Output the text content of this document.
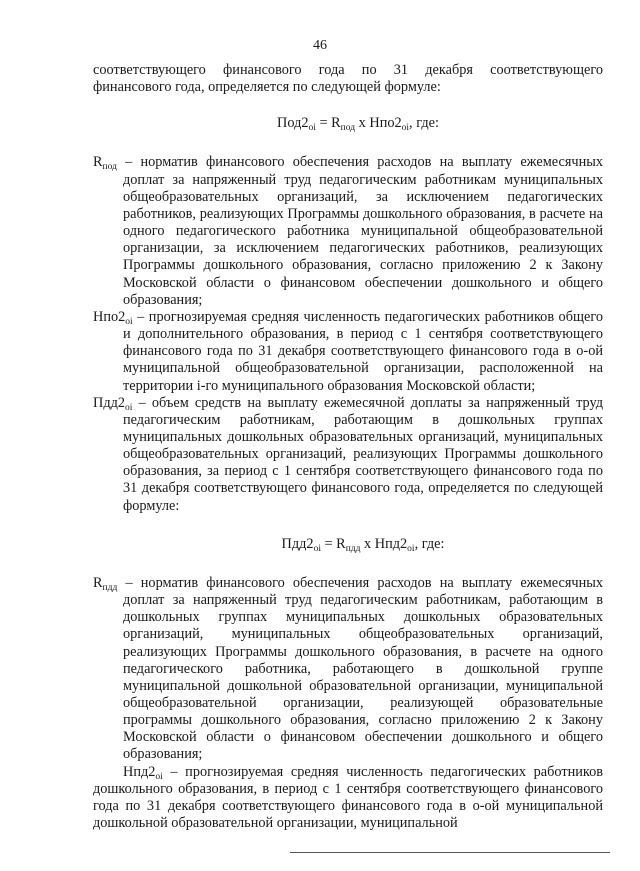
46

соответствующего финансового года по 31 декабря соответствующего финансового года, определяется по следующей формуле:

$Под2_{oi} = R_{под}$ х $Нпо2_{oi}$, где:

$R_{под}$ – норматив финансового обеспечения расходов на выплату ежемесячных доплат за напряженный труд педагогическим работникам муниципальных общеобразовательных организаций, за исключением педагогических работников, реализующих Программы дошкольного образования, в расчете на одного педагогического работника муниципальной общеобразовательной организации, за исключением педагогических работников, реализующих Программы дошкольного образования, согласно приложению 2 к Закону Московской области о финансовом обеспечении дошкольного и общего образования;

$Нпо2_{oi}$ – прогнозируемая средняя численность педагогических работников общего и дополнительного образования, в период с 1 сентября соответствующего финансового года по 31 декабря соответствующего финансового года в о-ой муниципальной общеобразовательной организации, расположенной на территории i-го муниципального образования Московской области;

$Пдд2_{oi}$ – объем средств на выплату ежемесячной доплаты за напряженный труд педагогическим работникам, работающим в дошкольных группах муниципальных дошкольных образовательных организаций, муниципальных общеобразовательных организаций, реализующих Программы дошкольного образования, за период с 1 сентября соответствующего финансового года по 31 декабря соответствующего финансового года, определяется по следующей формуле:

$Пдд2_{oi} = R_{пдд}$ х $Нпд2_{oi}$, где:

$R_{пдд}$ – норматив финансового обеспечения расходов на выплату ежемесячных доплат за напряженный труд педагогическим работникам, работающим в дошкольных группах муниципальных дошкольных образовательных организаций, муниципальных общеобразовательных организаций, реализующих Программы дошкольного образования, в расчете на одного педагогического работника, работающего в дошкольной группе муниципальной дошкольной образовательной организации, муниципальной общеобразовательной организации, реализующей образовательные программы дошкольного образования, согласно приложению 2 к Закону Московской области о финансовом обеспечении дошкольного и общего образования;

$Нпд2_{oi}$ – прогнозируемая средняя численность педагогических работников дошкольного образования, в период с 1 сентября соответствующего финансового года по 31 декабря соответствующего финансового года в о-ой муниципальной дошкольной образовательной организации, муниципальной
